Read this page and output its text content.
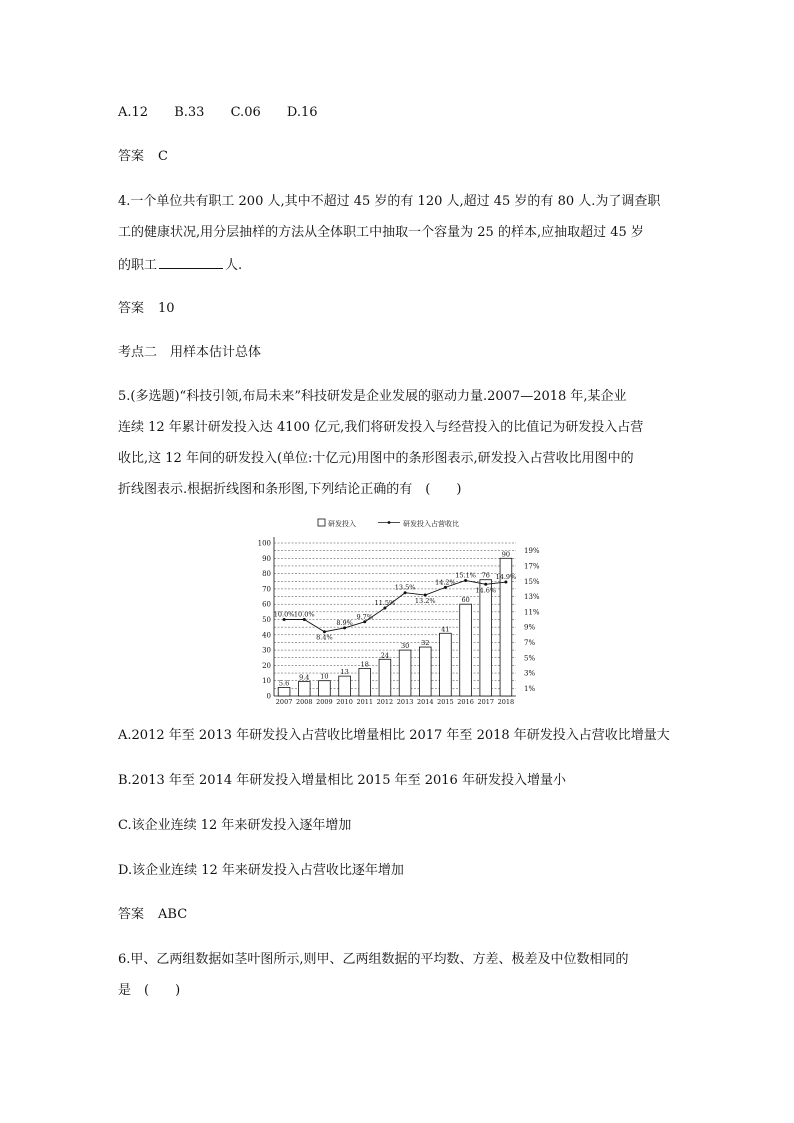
A.12 B.33 C.06 D.16
答案 C
4.一个单位共有职工 200 人,其中不超过 45 岁的有 120 人,超过 45 岁的有 80 人.为了调查职
工的健康状况,用分层抽样的方法从全体职工中抽取一个容量为 25 的样本,应抽取超过 45 岁
的职工	人.
答案 10
考点二　用样本估计总体
5.(多选题)“科技引领,布局未来”科技研发是企业发展的驱动力量.2007—2018 年,某企业
连续 12 年累计研发投入达 4100 亿元,我们将研发投入与经营投入的比值记为研发投入占营
收比,这 12 年间的研发投入(单位:十亿元)用图中的条形图表示,研发投入占营收比用图中的
折线图表示.根据折线图和条形图,下列结论正确的有　(　　)
研发投入	研发投入占营收比
0
10
20
30
40
50
60
70
80
90
100
1%
3%
5%
7%
9%
11%
13%
15%
17%
19%
5.6
9.4 10
13
18
24
30 32
41
60
76
90
2007 2008 2009 2010 2011 2012 2013 2014 2015 2016 2017 2018
10.0% 10.0%
8.4%
8.9%
9.7%
11.5%
13.5%
13.2%
14.2%
15.1%
14.6%
14.9%
A.2012 年至 2013 年研发投入占营收比增量相比 2017 年至 2018 年研发投入占营收比增量大
B.2013 年至 2014 年研发投入增量相比 2015 年至 2016 年研发投入增量小
C.该企业连续 12 年来研发投入逐年增加
D.该企业连续 12 年来研发投入占营收比逐年增加
答案 ABC
6.甲、乙两组数据如茎叶图所示,则甲、乙两组数据的平均数、方差、极差及中位数相同的
是　(　　)
